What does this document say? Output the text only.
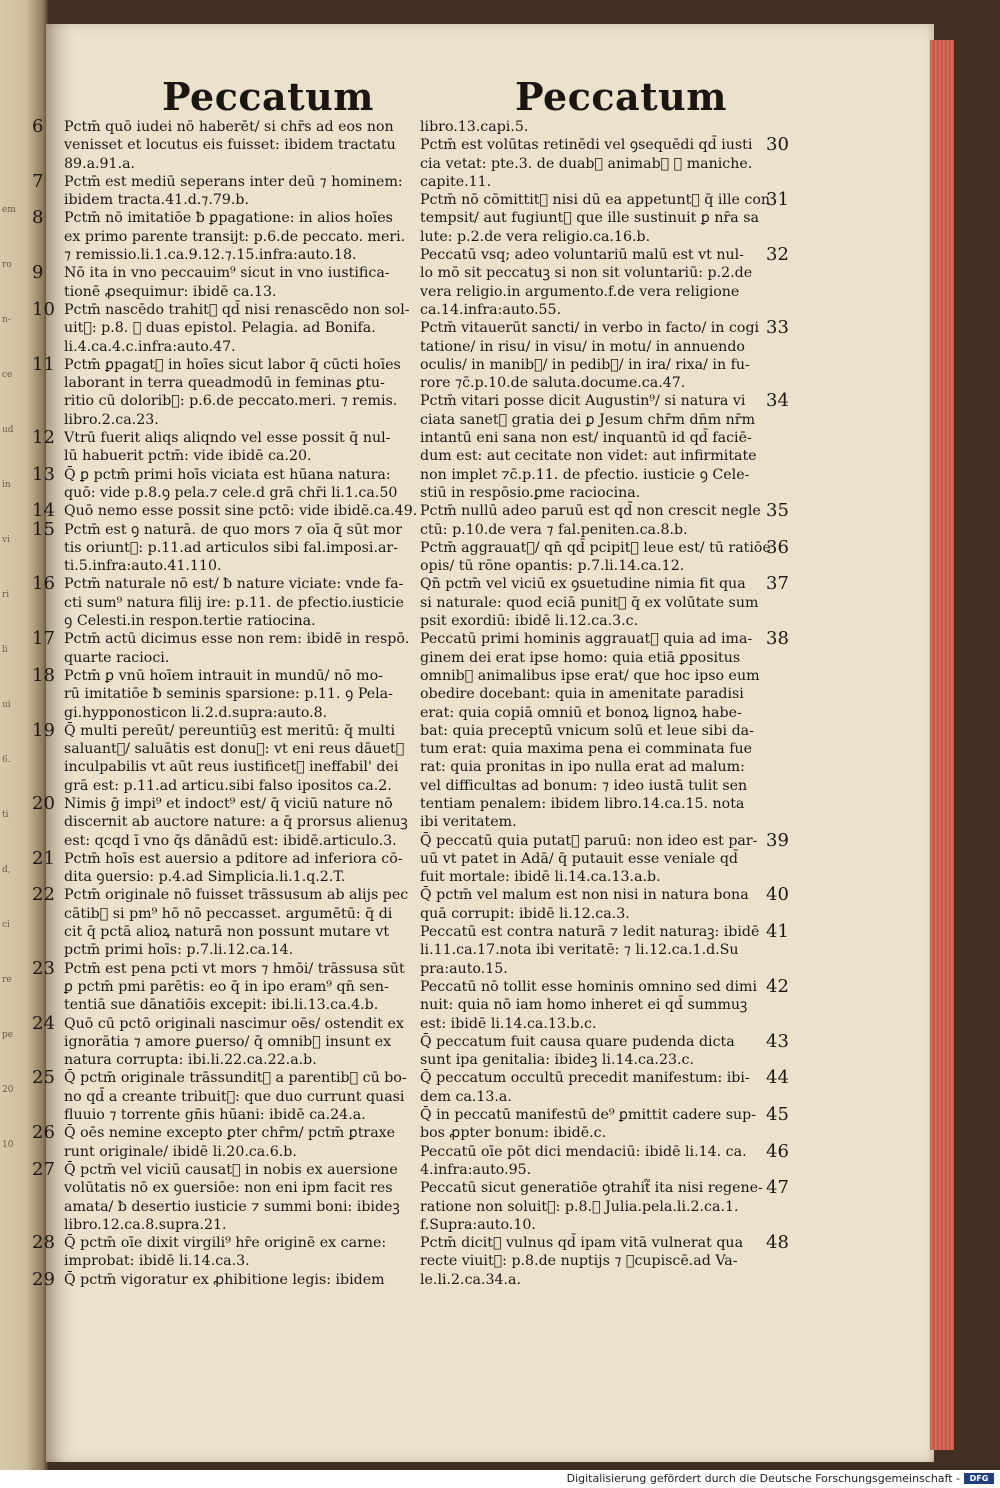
em
ro
n-
ce
ud
in
vi
ri
li
ui
6.
ti
d,
ci
re
pe
20
10
Peccatum	Peccatum
6 Pctm̄ quō iudei nō haberēt/ si chr̄s ad eos non
venisset et locutus eis fuisset: ibidem tractatu
89.a.91.a.
7 Pctm̄ est mediū seperans inter deū ⁊ hominem:
ibidem tracta.41.d.⁊.79.b.
8 Pctm̄ nō imitatiōe ƀ ꝑpagatione: in alios hoīes
ex primo parente transijt: p.6.de peccato. meri.
⁊ remissio.li.1.ca.9.12.⁊.15.infra:auto.18.
9 Nō ita in vno peccauim⁹ sicut in vno iustifica-
tionē ꝓsequimur: ibidē ca.13.
10 Pctm̄ nascēdo trahit᷑ qd̄ nisi renascēdo non sol-
uit᷑: p.8. ꝯ duas epistol. Pelagia. ad Bonifa.
li.4.ca.4.c.infra:auto.47.
11 Pctm̄ ꝑpagat᷑ in hoīes sicut labor q̄ cūcti hoīes
laborant in terra queadmodū in feminas ꝑtu-
ritio cū dolorib᷒: p.6.de peccato.meri. ⁊ remis.
libro.2.ca.23.
12 Vtrū fuerit aliqs aliqndo vel esse possit q̄ nul-
lū habuerit pctm̄: vide ibidē ca.20.
13 Q̄ ꝑ pctm̄ primi hoīs viciata est hūana natura:
quō: vide p.8.ꝯ pela.⁊ cele.d grā chr̄i li.1.ca.50
14 Quō nemo esse possit sine pctō: vide ibidē.ca.49.
15 Pctm̄ est ꝯ naturā. de quo mors ⁊ oīa q̄ sūt mor
tis oriunt᷑: p.11.ad articulos sibi fal.imposi.ar-
ti.5.infra:auto.41.110.
16 Pctm̄ naturale nō est/ ƀ nature viciate: vnde fa-
cti sum⁹ natura filij ire: p.11. de pfectio.iusticie
ꝯ Celesti.in respon.tertie ratiocina.
17 Pctm̄ actū dicimus esse non rem: ibidē in respō.
quarte racioci.
18 Pctm̄ ꝑ vnū hoīem intrauit in mundū/ nō mo-
rū imitatiōe ƀ seminis sparsione: p.11. ꝯ Pela-
gi.hypponosticon li.2.d.supra:auto.8.
19 Q̄ multi pereūt/ pereuntiūꝫ est meritū: q̄ multi
saluant᷑/ saluātis est donuꝫ: vt eni reus dāuet᷑
inculpabilis vt aūt reus iustificet᷑ ineffabil' dei
grā est: p.11.ad articu.sibi falso ipositos ca.2.
20 Nimis ḡ impi⁹ et indoct⁹ est/ q̄ viciū nature nō
discernit ab auctore nature: a q̄ prorsus alienuꝫ
est: qcqd ī vno q̄s dānādū est: ibidē.articulo.3.
21 Pctm̄ hoīs est auersio a pditore ad inferiora cō-
dita ꝯuersio: p.4.ad Simplicia.li.1.q.2.T.
22 Pctm̄ originale nō fuisset trāssusum ab alijs pec
cātib᷒ si pm⁹ hō nō peccasset. argumētū: q̄ di
cit q̄ pctā alioꝝ naturā non possunt mutare vt
pctm̄ primi hoīs: p.7.li.12.ca.14.
23 Pctm̄ est pena pcti vt mors ⁊ hmōi/ trāssusa sūt
ꝑ pctm̄ pmi parētis: eo q̄ in ipo eram⁹ qn̄ sen-
tentiā sue dānatiōis excepit: ibi.li.13.ca.4.b.
24 Quō cū pctō originali nascimur oēs/ ostendit ex
ignorātia ⁊ amore ꝑuerso/ q̄ omnib᷒ insunt ex
natura corrupta: ibi.li.22.ca.22.a.b.
25 Q̄ pctm̄ originale trāssundit᷑ a parentib᷒ cū bo-
no qd̄ a creante tribuit᷑: que duo currunt quasi
fluuio ⁊ torrente gn̄is hūani: ibidē ca.24.a.
26 Q̄ oēs nemine excepto ꝑter chr̄m/ pctm̄ ꝑtraxe
runt originale/ ibidē li.20.ca.6.b.
27 Q̄ pctm̄ vel viciū causat᷑ in nobis ex auersione
volūtatis nō ex ꝯuersiōe: non eni ipm facit res
amata/ ƀ desertio iusticie ⁊ summi boni: ibideꝫ
libro.12.ca.8.supra.21.
28 Q̄ pctm̄ oīe dixit virgili⁹ hr̄e originē ex carne:
improbat: ibidē li.14.ca.3.
29 Q̄ pctm̄ vigoratur ex ꝓhibitione legis: ibidem
libro.13.capi.5.
30
Pctm̄ est volūtas retinēdi vel ꝯsequēdi qd̄ iusti
cia vetat: pte.3. de duab᷒ animab᷒ ꝯ maniche.
capite.11.
31
Pctm̄ nō cōmittit᷑ nisi dū ea appetunt᷑ q̄ ille con
tempsit/ aut fugiunt᷑ que ille sustinuit ꝑ nr̄a sa
lute: p.2.de vera religio.ca.16.b.
32
Peccatū vsq; adeo voluntariū malū est vt nul-
lo mō sit peccatuꝫ si non sit voluntariū: p.2.de
vera religio.in argumento.f.de vera religione
ca.14.infra:auto.55.
33
Pctm̄ vitauerūt sancti/ in verbo in facto/ in cogi
tatione/ in risu/ in visu/ in motu/ in annuendo
oculis/ in manib᷒/ in pedib᷒/ in ira/ rixa/ in fu-
rore ⁊c̄.p.10.de saluta.docume.ca.47.
34
Pctm̄ vitari posse dicit Augustin⁹/ si natura vi
ciata sanet᷑ gratia dei ꝑ Jesum chr̄m dn̄m nr̄m
intantū eni sana non est/ inquantū id qd̄ faciē-
dum est: aut cecitate non videt: aut infirmitate
non implet ⁊c̄.p.11. de pfectio. iusticie ꝯ Cele-
stiū in respōsio.ꝑme raciocina.
35
Pctm̄ nullū adeo paruū est qd̄ non crescit negle
ctū: p.10.de vera ⁊ fal.peniten.ca.8.b.
36
Pctm̄ aggrauat᷑/ qn̄ qd̄ pcipit᷑ leue est/ tū ratiōe
opis/ tū rōne opantis: p.7.li.14.ca.12.
37
Qn̄ pctm̄ vel viciū ex ꝯsuetudine nimia fit qua
si naturale: quod eciā punit᷑ q̄ ex volūtate sum
psit exordiū: ibidē li.12.ca.3.c.
38
Peccatū primi hominis aggrauat᷑ quia ad ima-
ginem dei erat ipse homo: quia etiā ꝑpositus
omnib᷒ animalibus ipse erat/ que hoc ipso eum
obedire docebant: quia in amenitate paradisi
erat: quia copiā omniū et bonoꝝ lignoꝝ habe-
bat: quia preceptū vnicum solū et leue sibi da-
tum erat: quia maxima pena ei comminata fue
rat: quia pronitas in ipo nulla erat ad malum:
vel difficultas ad bonum: ⁊ ideo iustā tulit sen
tentiam penalem: ibidem libro.14.ca.15. nota
ibi veritatem.
39
Q̄ peccatū quia putat᷑ paruū: non ideo est par-
uū vt patet in Adā/ q̄ putauit esse veniale qd̄
fuit mortale: ibidē li.14.ca.13.a.b.
40
Q̄ pctm̄ vel malum est non nisi in natura bona
quā corrupit: ibidē li.12.ca.3.
41
Peccatū est contra naturā ⁊ ledit naturaꝫ: ibidē
li.11.ca.17.nota ibi veritatē: ⁊ li.12.ca.1.d.Su
pra:auto.15.
42
Peccatū nō tollit esse hominis omnino sed dimi
nuit: quia nō iam homo inheret ei qd̄ summuꝫ
est: ibidē li.14.ca.13.b.c.
43
Q̄ peccatum fuit causa quare pudenda dicta
sunt ipa genitalia: ibideꝫ li.14.ca.23.c.
44
Q̄ peccatum occultū precedit manifestum: ibi-
dem ca.13.a.
45
Q̄ in peccatū manifestū de⁹ ꝑmittit cadere sup-
bos ꝓpter bonum: ibidē.c.
46
Peccatū oīe pōt dici mendaciū: ibidē li.14. ca.
4.infra:auto.95.
47
Peccatū sicut generatiōe ꝯtrahit᷑ ita nisi regene-
ratione non soluit᷑: p.8.ꝯ Julia.pela.li.2.ca.1.
f.Supra:auto.10.
48
Pctm̄ dicit᷑ vulnus qd̄ ipam vitā vulnerat qua
recte viuit᷑: p.8.de nuptijs ⁊ ꝯcupiscē.ad Va-
le.li.2.ca.34.a.
Digitalisierung gefördert durch die Deutsche Forschungsgemeinschaft -	DFG
